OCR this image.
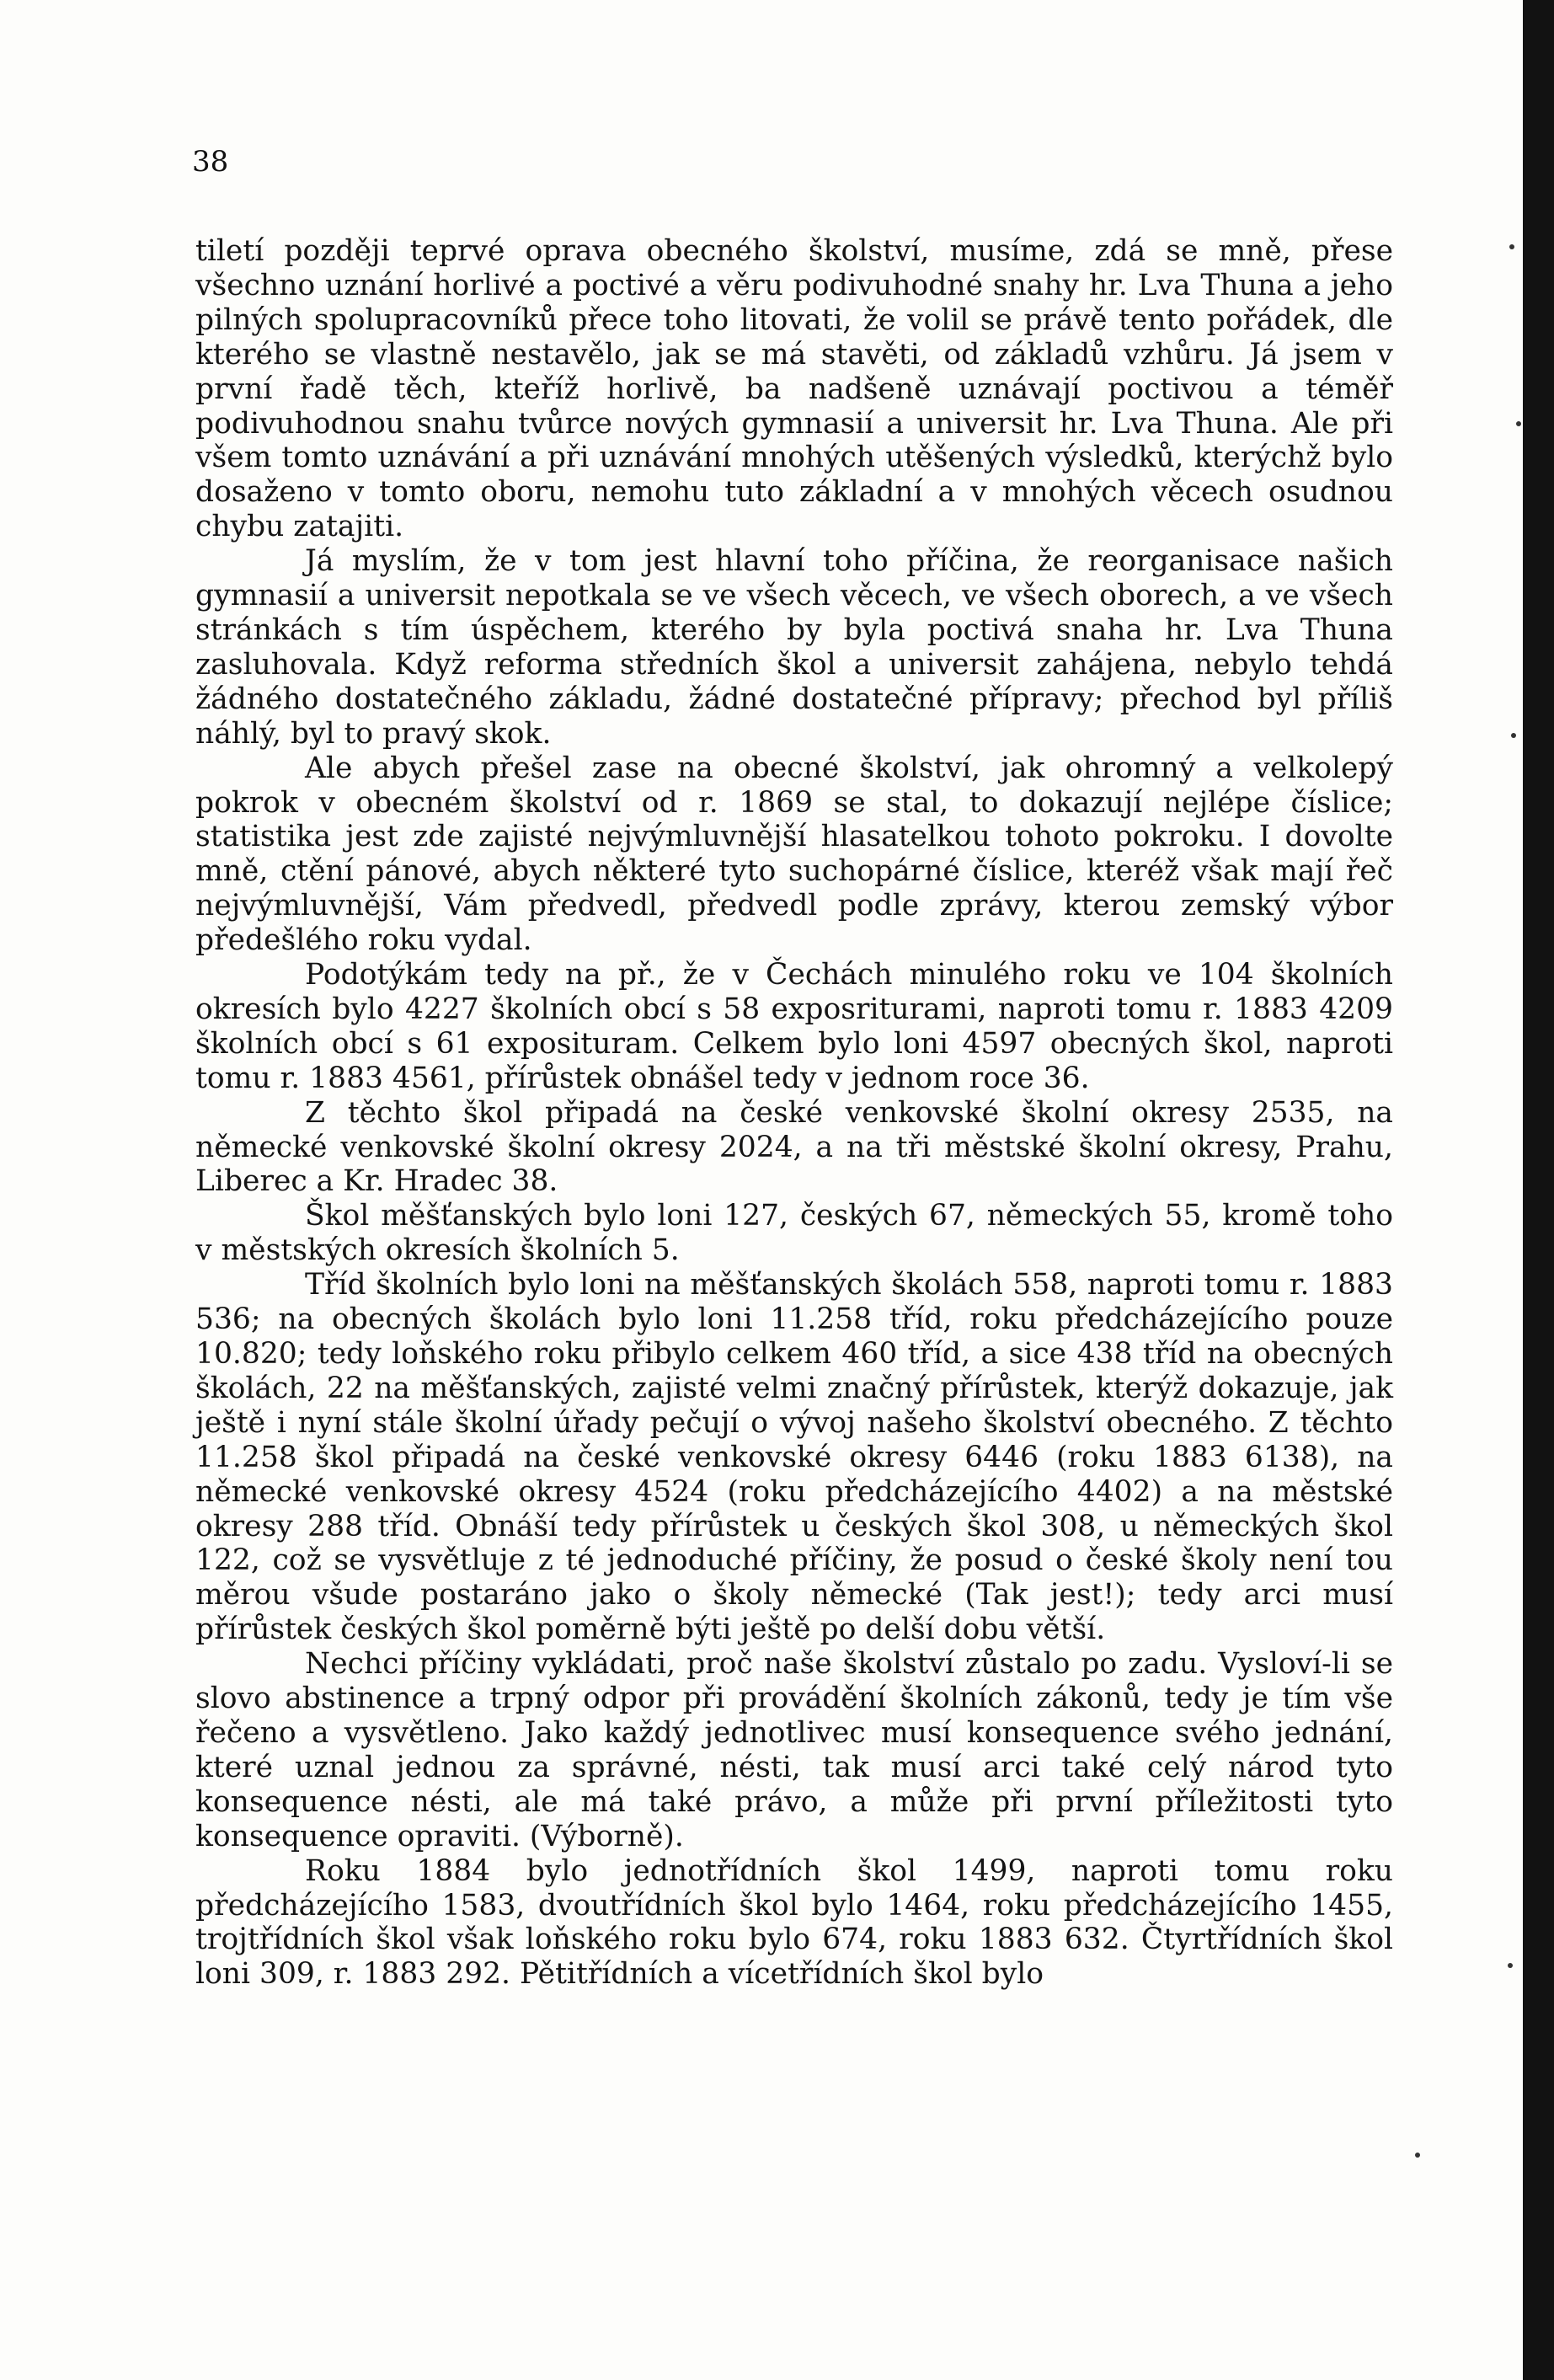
38

tiletí později teprvé oprava obecného školství, musíme, zdá se mně, přese všechno uznání horlivé a poctivé a věru podivuhodné snahy hr. Lva Thuna a jeho pilných spolupracovníků přece toho litovati, že volil se právě tento pořádek, dle kterého se vlastně nestavělo, jak se má stavěti, od základů vzhůru. Já jsem v první řadě těch, kteříž horlivě, ba nadšeně uznávají poctivou a téměř podivuhodnou snahu tvůrce nových gymnasií a universit hr. Lva Thuna. Ale při všem tomto uznávání a při uznávání mnohých utěšených výsledků, kterýchž bylo dosaženo v tomto oboru, nemohu tuto základní a v mnohých věcech osudnou chybu zatajiti.

Já myslím, že v tom jest hlavní toho příčina, že reorganisace našich gymnasií a universit nepotkala se ve všech věcech, ve všech oborech, a ve všech stránkách s tím úspěchem, kterého by byla poctivá snaha hr. Lva Thuna zasluhovala. Když reforma středních škol a universit zahájena, nebylo tehdá žádného dostatečného základu, žádné dostatečné přípravy; přechod byl příliš náhlý, byl to pravý skok.

Ale abych přešel zase na obecné školství, jak ohromný a velkolepý pokrok v obecném školství od r. 1869 se stal, to dokazují nejlépe číslice; statistika jest zde zajisté nejvýmluvnější hlasatelkou tohoto pokroku. I dovolte mně, ctění pánové, abych některé tyto suchopárné číslice, kteréž však mají řeč nejvýmluvnější, Vám předvedl, předvedl podle zprávy, kterou zemský výbor předešlého roku vydal.

Podotýkám tedy na př., že v Čechách minulého roku ve 104 školních okresích bylo 4227 školních obcí s 58 exposriturami, naproti tomu r. 1883 4209 školních obcí s 61 exposituram. Celkem bylo loni 4597 obecných škol, naproti tomu r. 1883 4561, přírůstek obnášel tedy v jednom roce 36.

Z těchto škol připadá na české venkovské školní okresy 2535, na německé venkovské školní okresy 2024, a na tři městské školní okresy, Prahu, Liberec a Kr. Hradec 38.

Škol měšťanských bylo loni 127, českých 67, německých 55, kromě toho v městských okresích školních 5.

Tříd školních bylo loni na měšťanských školách 558, naproti tomu r. 1883 536; na obecných školách bylo loni 11.258 tříd, roku předcházejícího pouze 10.820; tedy loňského roku přibylo celkem 460 tříd, a sice 438 tříd na obecných školách, 22 na měšťanských, zajisté velmi značný přírůstek, kterýž dokazuje, jak ještě i nyní stále školní úřady pečují o vývoj našeho školství obecného. Z těchto 11.258 škol připadá na české venkovské okresy 6446 (roku 1883 6138), na německé venkovské okresy 4524 (roku předcházejícího 4402) a na městské okresy 288 tříd. Obnáší tedy přírůstek u českých škol 308, u německých škol 122, což se vysvětluje z té jednoduché příčiny, že posud o české školy není tou měrou všude postaráno jako o školy německé (Tak jest!); tedy arci musí přírůstek českých škol poměrně býti ještě po delší dobu větší.

Nechci příčiny vykládati, proč naše školství zůstalo po zadu. Vysloví-li se slovo abstinence a trpný odpor při provádění školních zákonů, tedy je tím vše řečeno a vysvětleno. Jako každý jednotlivec musí konsequence svého jednání, které uznal jednou za správné, nésti, tak musí arci také celý národ tyto konsequence nésti, ale má také právo, a může při první příležitosti tyto konsequence opraviti. (Výborně).

Roku 1884 bylo jednotřídních škol 1499, naproti tomu roku předcházejícího 1583, dvoutřídních škol bylo 1464, roku předcházejícího 1455, trojtřídních škol však loňského roku bylo 674, roku 1883 632. Čtyrtřídních škol loni 309, r. 1883 292. Pětitřídních a vícetřídních škol bylo
